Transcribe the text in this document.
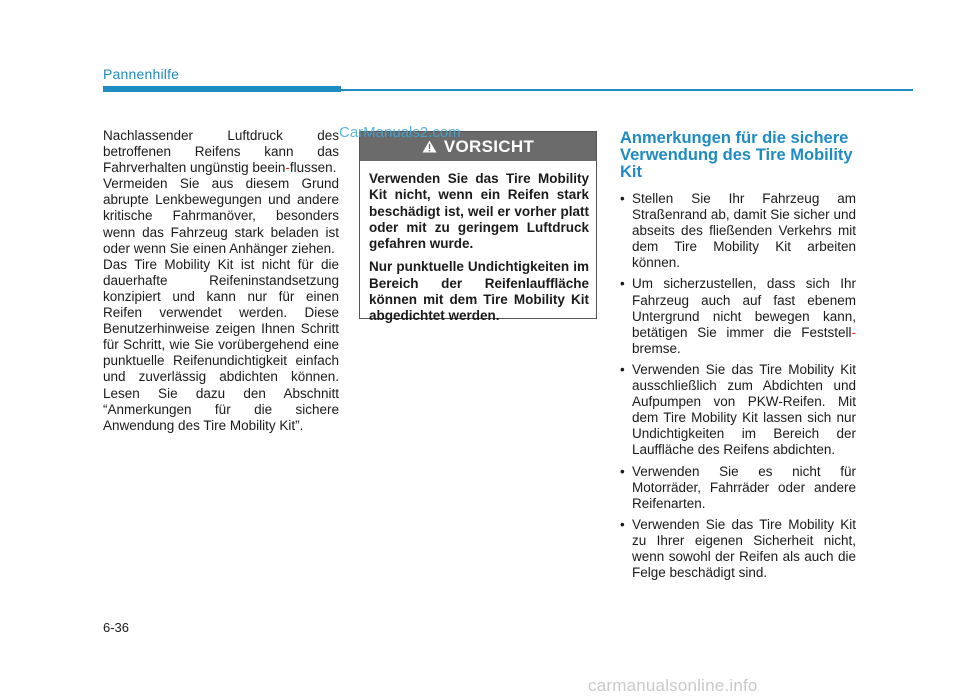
Pannenhilfe

Nachlassender Luftdruck des betroffenen Reifens kann das Fahrverhalten ungünstig beein-flussen.

Vermeiden Sie aus diesem Grund abrupte Lenkbewegungen und andere kritische Fahrmanöver, besonders wenn das Fahrzeug stark beladen ist oder wenn Sie einen Anhänger ziehen.

Das Tire Mobility Kit ist nicht für die dauerhafte Reifeninstandsetzung konzipiert und kann nur für einen Reifen verwendet werden. Diese Benutzerhinweise zeigen Ihnen Schritt für Schritt, wie Sie vorübergehend eine punktuelle Reifenundichtigkeit einfach und zuverlässig abdichten können. Lesen Sie dazu den Abschnitt “Anmerkungen für die sichere Anwendung des Tire Mobility Kit”.

VORSICHT

Verwenden Sie das Tire Mobility Kit nicht, wenn ein Reifen stark beschädigt ist, weil er vorher platt oder mit zu geringem Luftdruck gefahren wurde.

Nur punktuelle Undichtigkeiten im Bereich der Reifenlauffläche können mit dem Tire Mobility Kit abgedichtet werden.

CarManuals2.com	Anmerkungen für die sichere Verwendung des Tire Mobility Kit
• Stellen Sie Ihr Fahrzeug am Straßenrand ab, damit Sie sicher und abseits des fließenden Verkehrs mit dem Tire Mobility Kit arbeiten können.
• Um sicherzustellen, dass sich Ihr Fahrzeug auch auf fast ebenem Untergrund nicht bewegen kann, betätigen Sie immer die Feststell-bremse.
• Verwenden Sie das Tire Mobility Kit ausschließlich zum Abdichten und Aufpumpen von PKW-Reifen. Mit dem Tire Mobility Kit lassen sich nur Undichtigkeiten im Bereich der Lauffläche des Reifens abdichten.
• Verwenden Sie es nicht für Motorräder, Fahrräder oder andere Reifenarten.
• Verwenden Sie das Tire Mobility Kit zu Ihrer eigenen Sicherheit nicht, wenn sowohl der Reifen als auch die Felge beschädigt sind.
6-36
carmanualsonline.info
